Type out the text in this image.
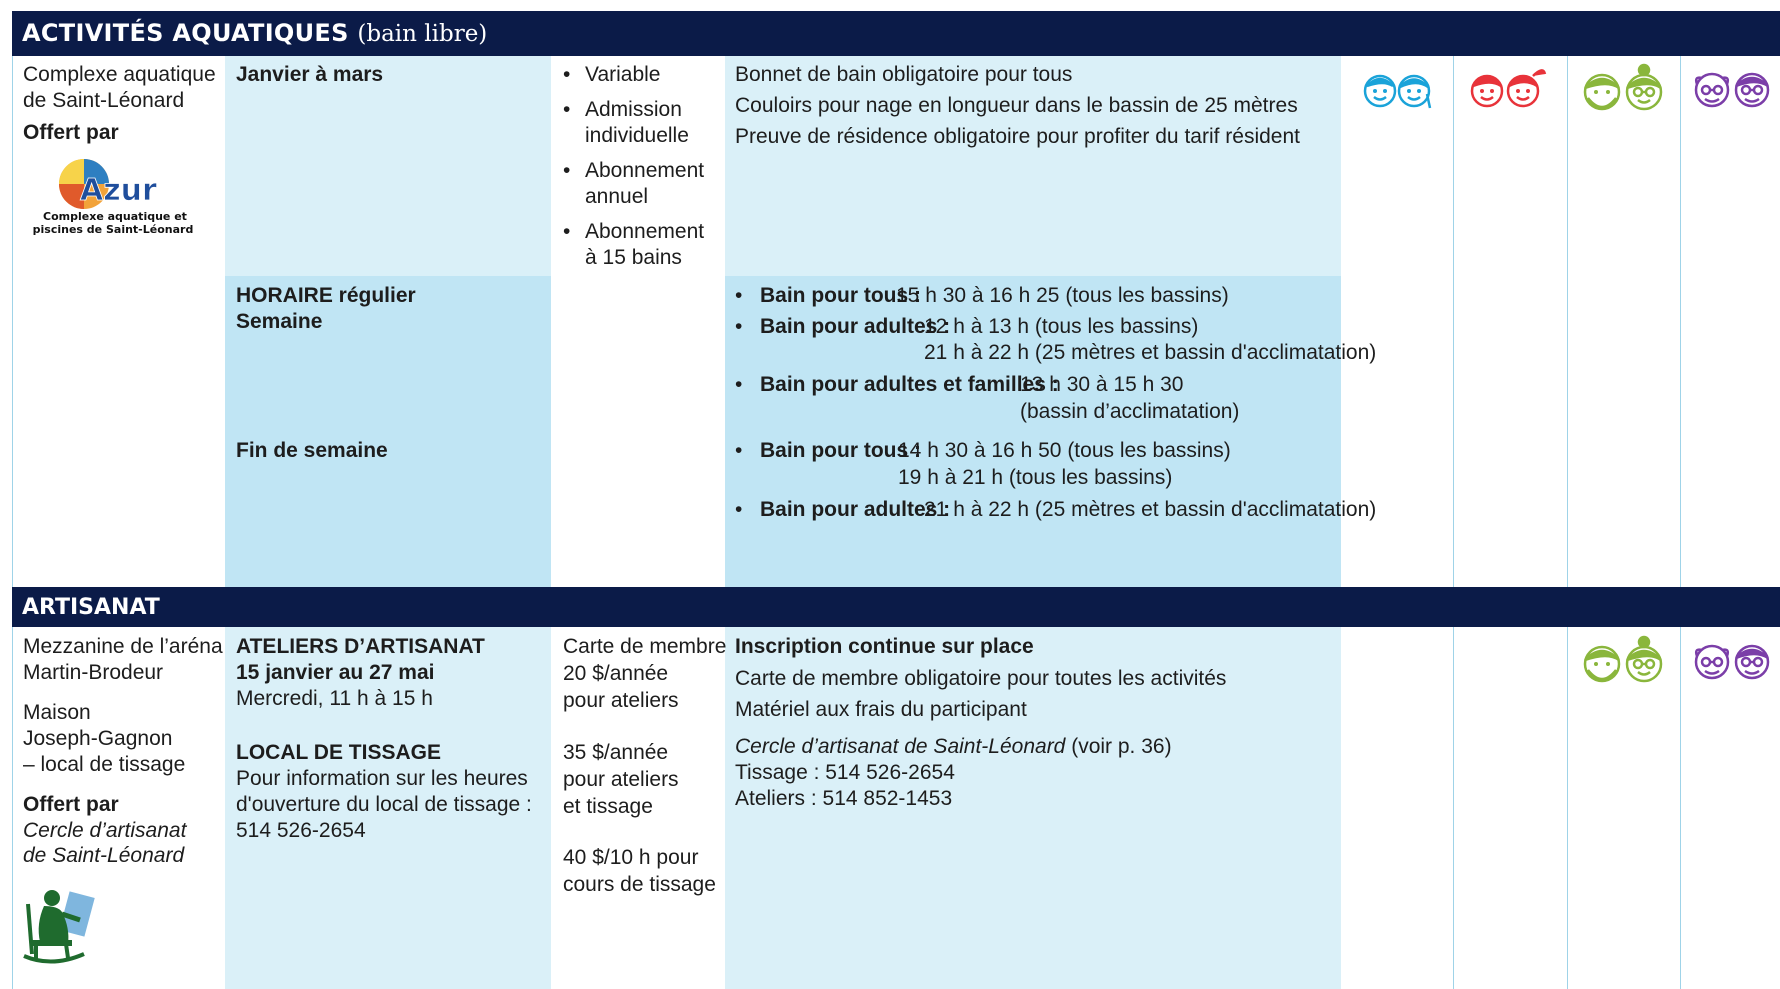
ACTIVITÉS AQUATIQUES (bain libre)
Complexe aquatique
de Saint-Léonard
Offert par
Azur
Complexe aquatique et
piscines de Saint-Léonard
Janvier à mars
HORAIRE régulier
Semaine
Fin de semaine
• Variable
• Admission
individuelle
• Abonnement
annuel
• Abonnement
à 15 bains
Bonnet de bain obligatoire pour tous
Couloirs pour nage en longueur dans le bassin de 25 mètres
Preuve de résidence obligatoire pour profiter du tarif résident
• Bain pour tous :
15 h 30 à 16 h 25 (tous les bassins)
• Bain pour adultes :
12 h à 13 h (tous les bassins)
21 h à 22 h (25 mètres et bassin d'acclimatation)
• Bain pour adultes et familles :
13 h 30 à 15 h 30
(bassin d’acclimatation)
• Bain pour tous :
14 h 30 à 16 h 50 (tous les bassins)
19 h à 21 h (tous les bassins)
• Bain pour adultes :
21 h à 22 h (25 mètres et bassin d'acclimatation)
ARTISANAT
Mezzanine de l’aréna
Martin-Brodeur
Maison
Joseph-Gagnon
– local de tissage
Offert par
Cercle d’artisanat
de Saint-Léonard
ATELIERS D’ARTISANAT
15 janvier au 27 mai
Mercredi, 11 h à 15 h
LOCAL DE TISSAGE
Pour information sur les heures
d'ouverture du local de tissage :
514 526-2654
Carte de membre
20 $/année
pour ateliers
35 $/année
pour ateliers
et tissage
40 $/10 h pour
cours de tissage
Inscription continue sur place
Carte de membre obligatoire pour toutes les activités
Matériel aux frais du participant
Cercle d’artisanat de Saint-Léonard (voir p. 36)
Tissage : 514 526-2654
Ateliers : 514 852-1453
